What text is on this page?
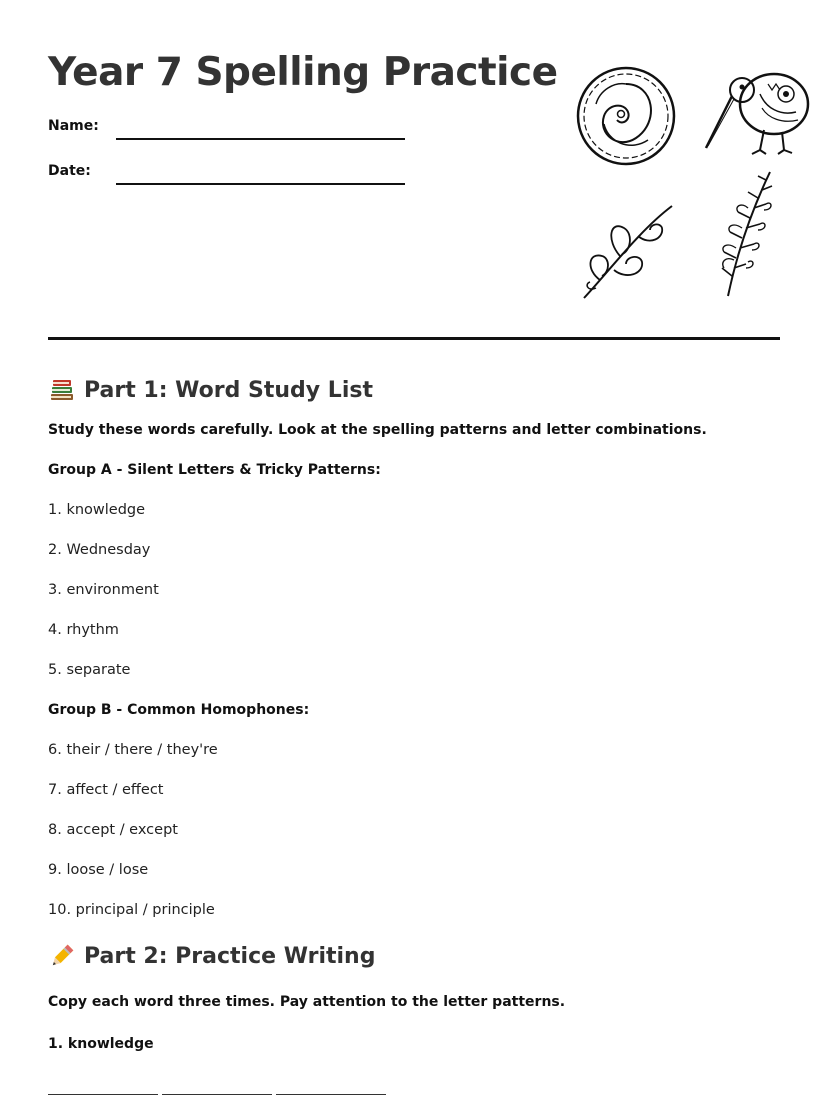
Year 7 Spelling Practice
Name:
Date:
Part 1: Word Study List
Study these words carefully. Look at the spelling patterns and letter combinations.
Group A - Silent Letters & Tricky Patterns:
1. knowledge
2. Wednesday
3. environment
4. rhythm
5. separate
Group B - Common Homophones:
6. their / there / they're
7. affect / effect
8. accept / except
9. loose / lose
10. principal / principle
Part 2: Practice Writing
Copy each word three times. Pay attention to the letter patterns.
1. knowledge
